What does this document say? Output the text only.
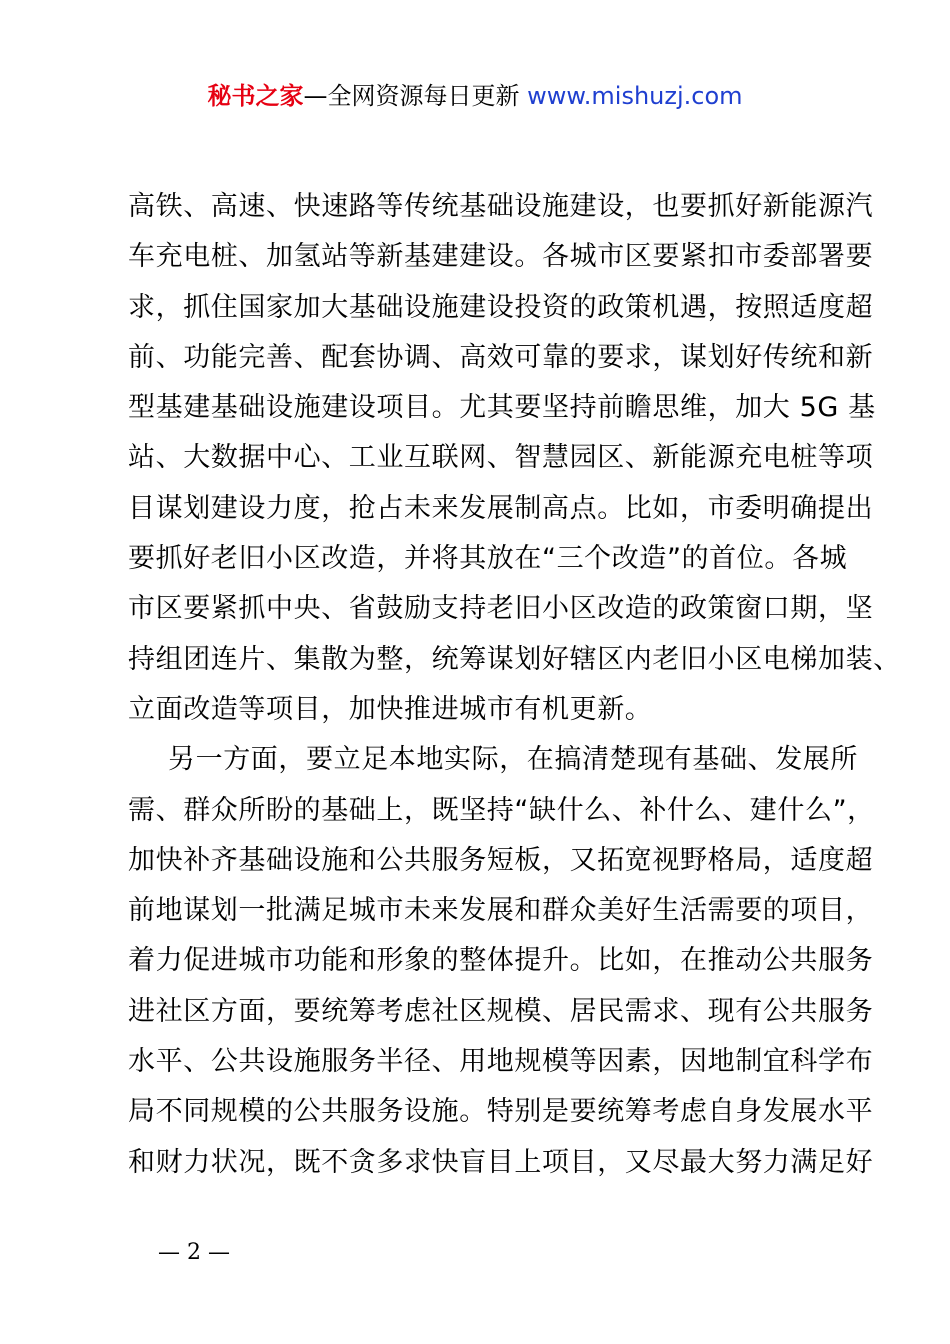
秘书之家—全网资源每日更新 www.mishuzj.com
高铁、高速、快速路等传统基础设施建设，也要抓好新能源汽
车充电桩、加氢站等新基建建设。各城市区要紧扣市委部署要
求，抓住国家加大基础设施建设投资的政策机遇，按照适度超
前、功能完善、配套协调、高效可靠的要求，谋划好传统和新
型基建基础设施建设项目。尤其要坚持前瞻思维，加大 5G 基
站、大数据中心、工业互联网、智慧园区、新能源充电桩等项
目谋划建设力度，抢占未来发展制高点。比如，市委明确提出
要抓好老旧小区改造，并将其放在“三个改造”的首位。各城
市区要紧抓中央、省鼓励支持老旧小区改造的政策窗口期，坚
持组团连片、集散为整，统筹谋划好辖区内老旧小区电梯加装、
立面改造等项目，加快推进城市有机更新。
另一方面，要立足本地实际，在搞清楚现有基础、发展所
需、群众所盼的基础上，既坚持“缺什么、补什么、建什么”，
加快补齐基础设施和公共服务短板，又拓宽视野格局，适度超
前地谋划一批满足城市未来发展和群众美好生活需要的项目，
着力促进城市功能和形象的整体提升。比如，在推动公共服务
进社区方面，要统筹考虑社区规模、居民需求、现有公共服务
水平、公共设施服务半径、用地规模等因素，因地制宜科学布
局不同规模的公共服务设施。特别是要统筹考虑自身发展水平
和财力状况，既不贪多求快盲目上项目，又尽最大努力满足好
— 2 —
